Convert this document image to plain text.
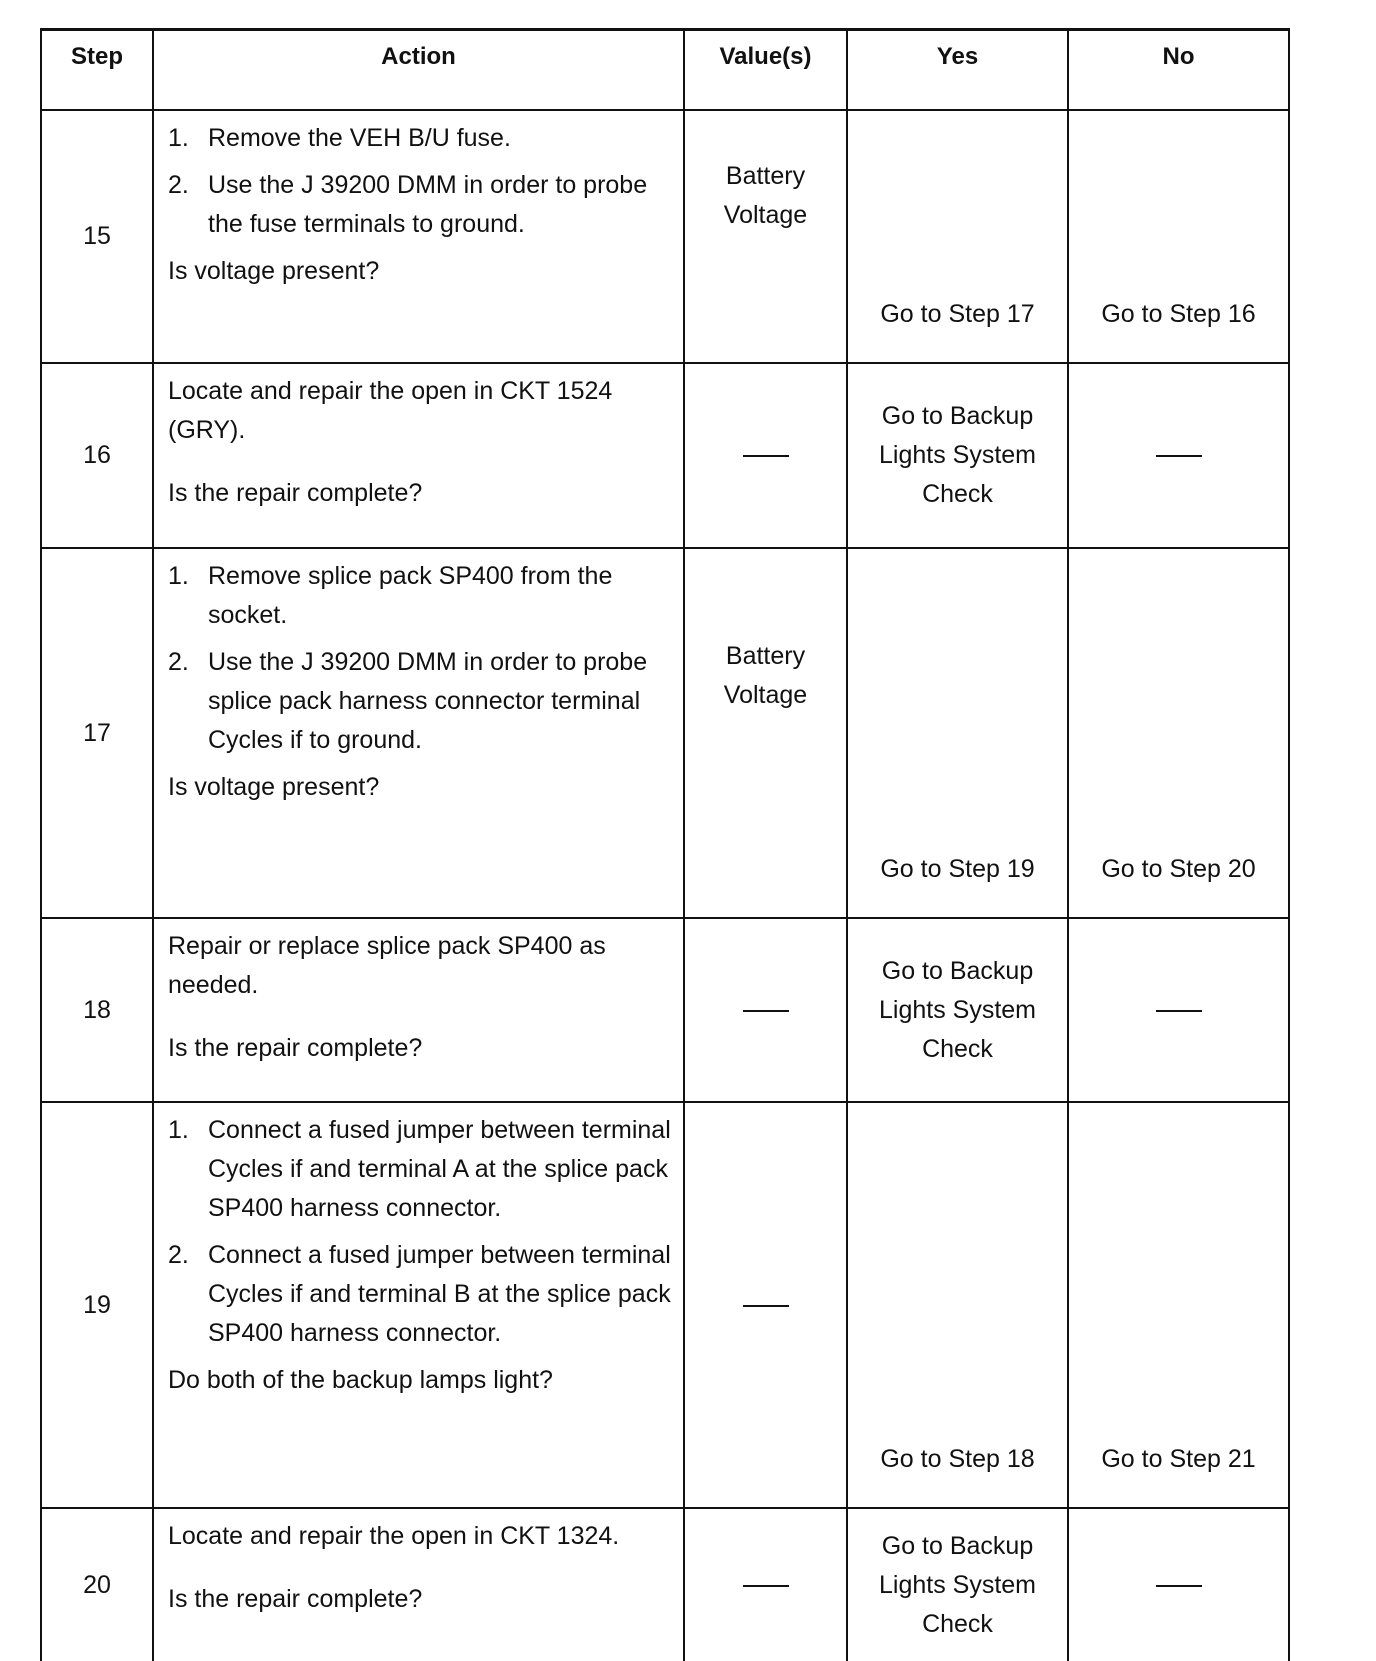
Step	Action	Value(s)	Yes	No
15	1. Remove the VEH B/U fuse.
2. Use the J 39200 DMM in order to probe the fuse terminals to ground.
Is voltage present?	Battery Voltage	Go to Step 17	Go to Step 16

16	Locate and repair the open in CKT 1524 (GRY).
Is the repair complete?		Go to Backup Lights System Check	

17	1. Remove splice pack SP400 from the socket.
2. Use the J 39200 DMM in order to probe splice pack harness connector terminal Cycles if to ground.
Is voltage present?	Battery Voltage	Go to Step 19	Go to Step 20

18	Repair or replace splice pack SP400 as needed.
Is the repair complete?		Go to Backup Lights System Check	

19	1. Connect a fused jumper between terminal Cycles if and terminal A at the splice pack SP400 harness connector.
2. Connect a fused jumper between terminal Cycles if and terminal B at the splice pack SP400 harness connector.
Do both of the backup lamps light?		Go to Step 18	Go to Step 21

20	Locate and repair the open in CKT 1324.
Is the repair complete?		Go to Backup Lights System Check	
